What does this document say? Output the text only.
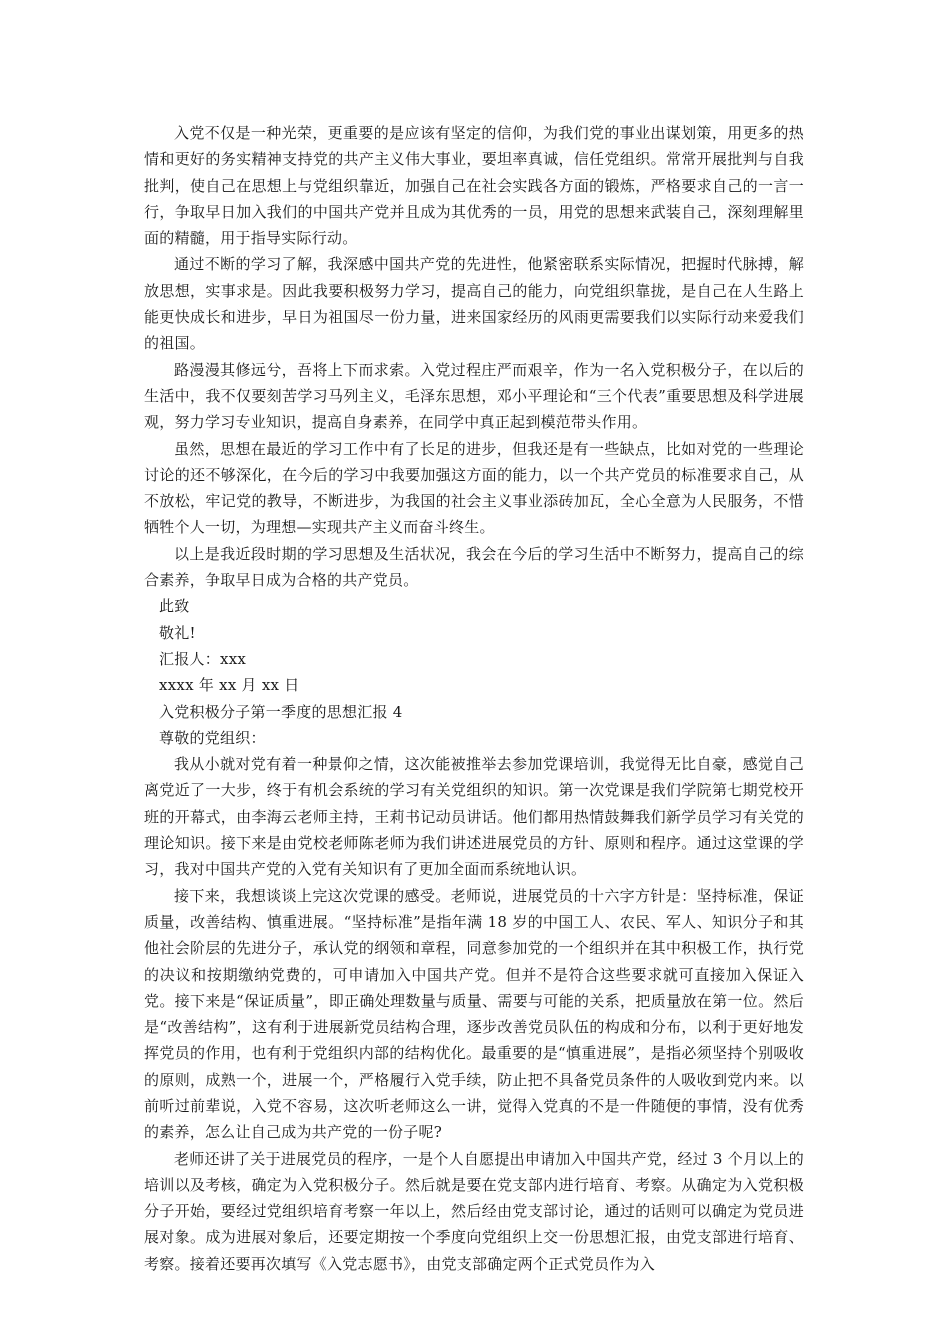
入党不仅是一种光荣，更重要的是应该有坚定的信仰，为我们党的事业出谋划策，用更多的热情和更好的务实精神支持党的共产主义伟大事业，要坦率真诚，信任党组织。常常开展批判与自我批判，使自己在思想上与党组织靠近，加强自己在社会实践各方面的锻炼，严格要求自己的一言一行，争取早日加入我们的中国共产党并且成为其优秀的一员，用党的思想来武装自己，深刻理解里面的精髓，用于指导实际行动。

通过不断的学习了解，我深感中国共产党的先进性，他紧密联系实际情况，把握时代脉搏，解放思想，实事求是。因此我要积极努力学习，提高自己的能力，向党组织靠拢，是自己在人生路上能更快成长和进步，早日为祖国尽一份力量，进来国家经历的风雨更需要我们以实际行动来爱我们的祖国。

路漫漫其修远兮，吾将上下而求索。入党过程庄严而艰辛，作为一名入党积极分子，在以后的生活中，我不仅要刻苦学习马列主义，毛泽东思想，邓小平理论和“三个代表”重要思想及科学进展观，努力学习专业知识，提高自身素养，在同学中真正起到模范带头作用。

虽然，思想在最近的学习工作中有了长足的进步，但我还是有一些缺点，比如对党的一些理论讨论的还不够深化，在今后的学习中我要加强这方面的能力，以一个共产党员的标准要求自己，从不放松，牢记党的教导，不断进步，为我国的社会主义事业添砖加瓦，全心全意为人民服务，不惜牺牲个人一切，为理想—实现共产主义而奋斗终生。

以上是我近段时期的学习思想及生活状况，我会在今后的学习生活中不断努力，提高自己的综合素养，争取早日成为合格的共产党员。

此致

敬礼!

汇报人：xxx

xxxx 年 xx 月 xx 日

入党积极分子第一季度的思想汇报 4

尊敬的党组织：

我从小就对党有着一种景仰之情，这次能被推举去参加党课培训，我觉得无比自豪，感觉自己离党近了一大步，终于有机会系统的学习有关党组织的知识。第一次党课是我们学院第七期党校开班的开幕式，由李海云老师主持，王莉书记动员讲话。他们都用热情鼓舞我们新学员学习有关党的理论知识。接下来是由党校老师陈老师为我们讲述进展党员的方针、原则和程序。通过这堂课的学习，我对中国共产党的入党有关知识有了更加全面而系统地认识。

接下来，我想谈谈上完这次党课的感受。老师说，进展党员的十六字方针是：坚持标准，保证质量，改善结构、慎重进展。“坚持标准”是指年满 18 岁的中国工人、农民、军人、知识分子和其他社会阶层的先进分子，承认党的纲领和章程，同意参加党的一个组织并在其中积极工作，执行党的决议和按期缴纳党费的，可申请加入中国共产党。但并不是符合这些要求就可直接加入保证入党。接下来是“保证质量”，即正确处理数量与质量、需要与可能的关系，把质量放在第一位。然后是“改善结构”，这有利于进展新党员结构合理，逐步改善党员队伍的构成和分布，以利于更好地发挥党员的作用，也有利于党组织内部的结构优化。最重要的是“慎重进展”，是指必须坚持个别吸收的原则，成熟一个，进展一个，严格履行入党手续，防止把不具备党员条件的人吸收到党内来。以前听过前辈说，入党不容易，这次听老师这么一讲，觉得入党真的不是一件随便的事情，没有优秀的素养，怎么让自己成为共产党的一份子呢?

老师还讲了关于进展党员的程序，一是个人自愿提出申请加入中国共产党，经过 3 个月以上的培训以及考核，确定为入党积极分子。然后就是要在党支部内进行培育、考察。从确定为入党积极分子开始，要经过党组织培育考察一年以上，然后经由党支部讨论，通过的话则可以确定为党员进展对象。成为进展对象后，还要定期按一个季度向党组织上交一份思想汇报，由党支部进行培育、考察。接着还要再次填写《入党志愿书》，由党支部确定两个正式党员作为入
